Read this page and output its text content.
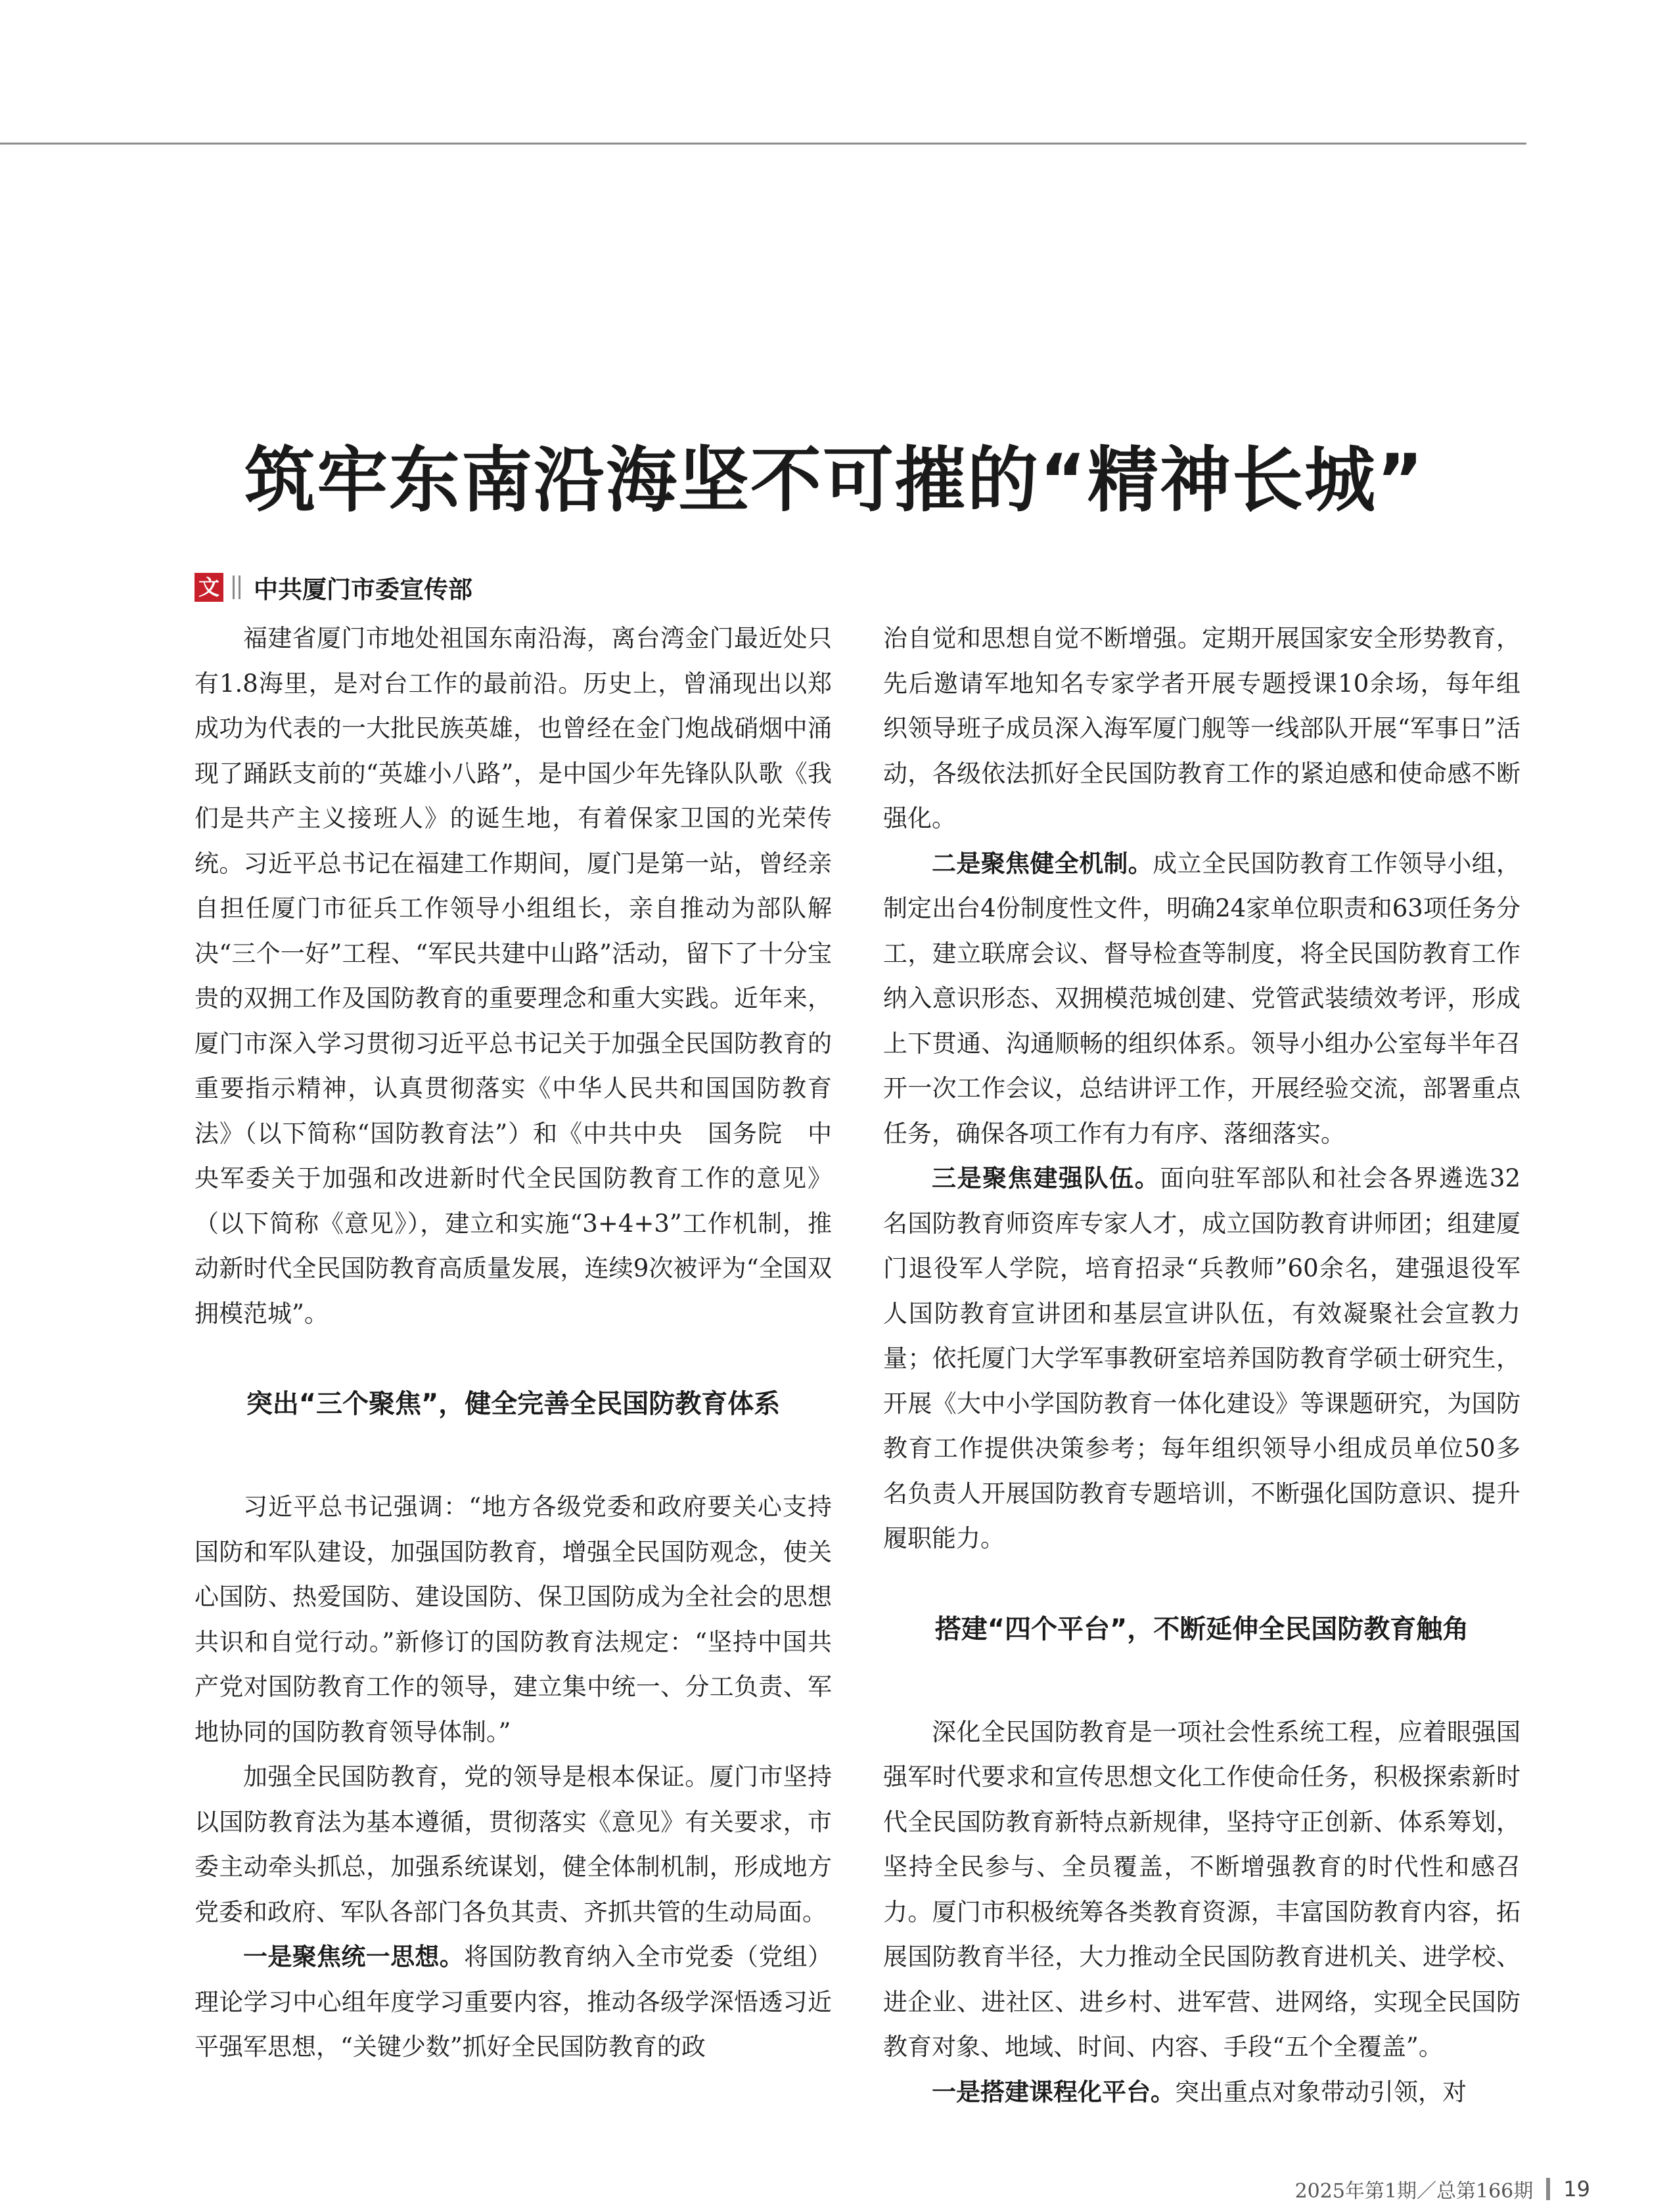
筑牢东南沿海坚不可摧的“精神长城”
文 中共厦门市委宣传部

福建省厦门市地处祖国东南沿海，离台湾金门最近处只有1.8海里，是对台工作的最前沿。历史上，曾涌现出以郑成功为代表的一大批民族英雄，也曾经在金门炮战硝烟中涌现了踊跃支前的“英雄小八路”，是中国少年先锋队队歌《我们是共产主义接班人》的诞生地，有着保家卫国的光荣传统。习近平总书记在福建工作期间，厦门是第一站，曾经亲自担任厦门市征兵工作领导小组组长，亲自推动为部队解决“三个一好”工程、“军民共建中山路”活动，留下了十分宝贵的双拥工作及国防教育的重要理念和重大实践。近年来，厦门市深入学习贯彻习近平总书记关于加强全民国防教育的重要指示精神，认真贯彻落实《中华人民共和国国防教育法》（以下简称“国防教育法”）和《中共中央　国务院　中央军委关于加强和改进新时代全民国防教育工作的意见》（以下简称《意见》），建立和实施“3+4+3”工作机制，推动新时代全民国防教育高质量发展，连续9次被评为“全国双拥模范城”。

突出“三个聚焦”，健全完善全民国防教育体系

习近平总书记强调：“地方各级党委和政府要关心支持国防和军队建设，加强国防教育，增强全民国防观念，使关心国防、热爱国防、建设国防、保卫国防成为全社会的思想共识和自觉行动。”新修订的国防教育法规定：“坚持中国共产党对国防教育工作的领导，建立集中统一、分工负责、军地协同的国防教育领导体制。”

加强全民国防教育，党的领导是根本保证。厦门市坚持以国防教育法为基本遵循，贯彻落实《意见》有关要求，市委主动牵头抓总，加强系统谋划，健全体制机制，形成地方党委和政府、军队各部门各负其责、齐抓共管的生动局面。

一是聚焦统一思想。将国防教育纳入全市党委（党组）理论学习中心组年度学习重要内容，推动各级学深悟透习近平强军思想，“关键少数”抓好全民国防教育的政

治自觉和思想自觉不断增强。定期开展国家安全形势教育，先后邀请军地知名专家学者开展专题授课10余场，每年组织领导班子成员深入海军厦门舰等一线部队开展“军事日”活动，各级依法抓好全民国防教育工作的紧迫感和使命感不断强化。

二是聚焦健全机制。成立全民国防教育工作领导小组，制定出台4份制度性文件，明确24家单位职责和63项任务分工，建立联席会议、督导检查等制度，将全民国防教育工作纳入意识形态、双拥模范城创建、党管武装绩效考评，形成上下贯通、沟通顺畅的组织体系。领导小组办公室每半年召开一次工作会议，总结讲评工作，开展经验交流，部署重点任务，确保各项工作有力有序、落细落实。

三是聚焦建强队伍。面向驻军部队和社会各界遴选32名国防教育师资库专家人才，成立国防教育讲师团；组建厦门退役军人学院，培育招录“兵教师”60余名，建强退役军人国防教育宣讲团和基层宣讲队伍，有效凝聚社会宣教力量；依托厦门大学军事教研室培养国防教育学硕士研究生，开展《大中小学国防教育一体化建设》等课题研究，为国防教育工作提供决策参考；每年组织领导小组成员单位50多名负责人开展国防教育专题培训，不断强化国防意识、提升履职能力。

搭建“四个平台”，不断延伸全民国防教育触角

深化全民国防教育是一项社会性系统工程，应着眼强国强军时代要求和宣传思想文化工作使命任务，积极探索新时代全民国防教育新特点新规律，坚持守正创新、体系筹划，坚持全民参与、全员覆盖，不断增强教育的时代性和感召力。厦门市积极统筹各类教育资源，丰富国防教育内容，拓展国防教育半径，大力推动全民国防教育进机关、进学校、进企业、进社区、进乡村、进军营、进网络，实现全民国防教育对象、地域、时间、内容、手段“五个全覆盖”。

一是搭建课程化平台。突出重点对象带动引领，对

2025年第1期／总第166期 19
